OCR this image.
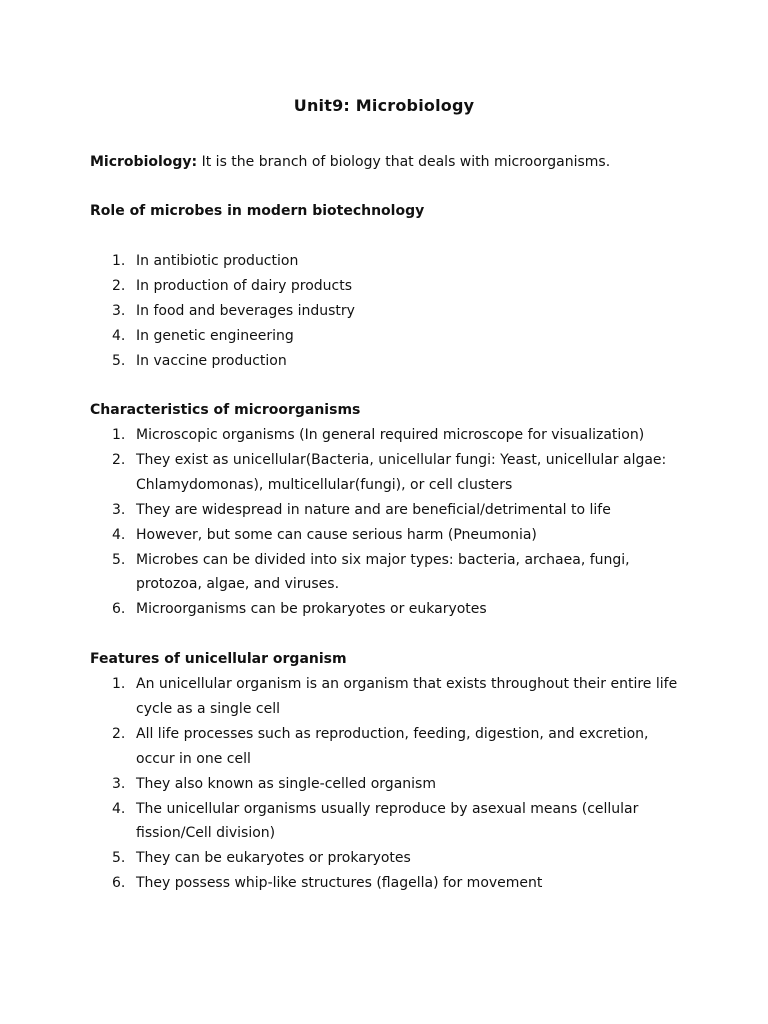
Unit9: Microbiology
Microbiology: It is the branch of biology that deals with microorganisms.
Role of microbes in modern biotechnology
1. In antibiotic production
2. In production of dairy products
3. In food and beverages industry
4. In genetic engineering
5. In vaccine production
Characteristics of microorganisms
1. Microscopic organisms (In general required microscope for visualization)
2. They exist as unicellular(Bacteria, unicellular fungi: Yeast, unicellular algae: Chlamydomonas), multicellular(fungi), or cell clusters
3. They are widespread in nature and are beneficial/detrimental to life
4. However, but some can cause serious harm (Pneumonia)
5. Microbes can be divided into six major types: bacteria, archaea, fungi, protozoa, algae, and viruses.
6. Microorganisms can be prokaryotes or eukaryotes
Features of unicellular organism
1. An unicellular organism is an organism that exists throughout their entire life cycle as a single cell
2. All life processes such as reproduction, feeding, digestion, and excretion, occur in one cell
3. They also known as single-celled organism
4. The unicellular organisms usually reproduce by asexual means (cellular fission/Cell division)
5. They can be eukaryotes or prokaryotes
6. They possess whip-like structures (flagella) for movement
